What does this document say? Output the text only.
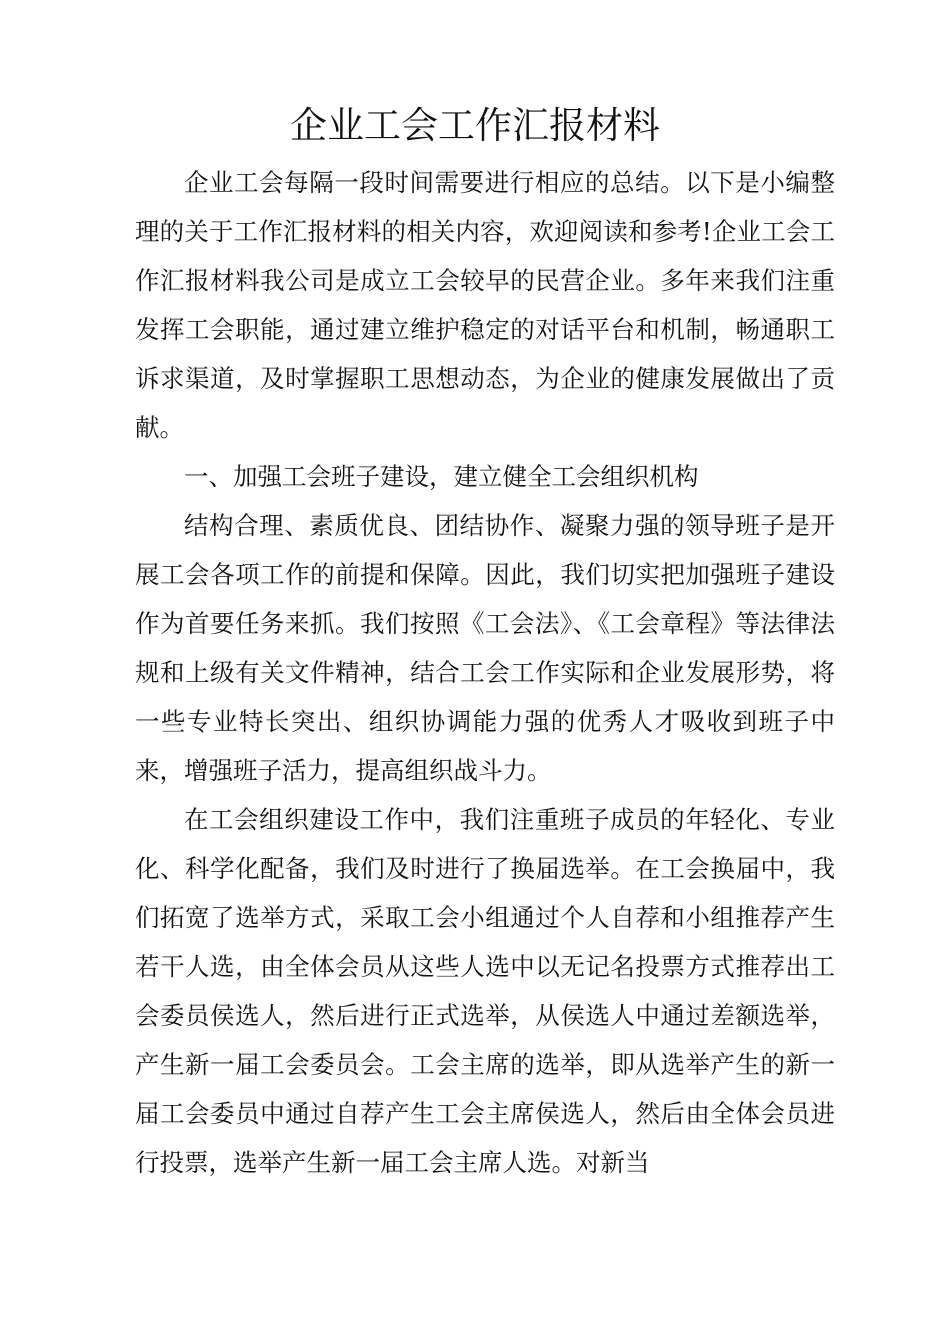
企业工会工作汇报材料

企业工会每隔一段时间需要进行相应的总结。以下是小编整理的关于工作汇报材料的相关内容，欢迎阅读和参考!企业工会工作汇报材料我公司是成立工会较早的民营企业。多年来我们注重发挥工会职能，通过建立维护稳定的对话平台和机制，畅通职工诉求渠道，及时掌握职工思想动态，为企业的健康发展做出了贡献。

一、加强工会班子建设，建立健全工会组织机构

结构合理、素质优良、团结协作、凝聚力强的领导班子是开展工会各项工作的前提和保障。因此，我们切实把加强班子建设作为首要任务来抓。我们按照《工会法》、《工会章程》等法律法规和上级有关文件精神，结合工会工作实际和企业发展形势，将一些专业特长突出、组织协调能力强的优秀人才吸收到班子中来，增强班子活力，提高组织战斗力。

在工会组织建设工作中，我们注重班子成员的年轻化、专业化、科学化配备，我们及时进行了换届选举。在工会换届中，我们拓宽了选举方式，采取工会小组通过个人自荐和小组推荐产生若干人选，由全体会员从这些人选中以无记名投票方式推荐出工会委员侯选人，然后进行正式选举，从侯选人中通过差额选举，产生新一届工会委员会。工会主席的选举，即从选举产生的新一届工会委员中通过自荐产生工会主席侯选人，然后由全体会员进行投票，选举产生新一届工会主席人选。对新当
